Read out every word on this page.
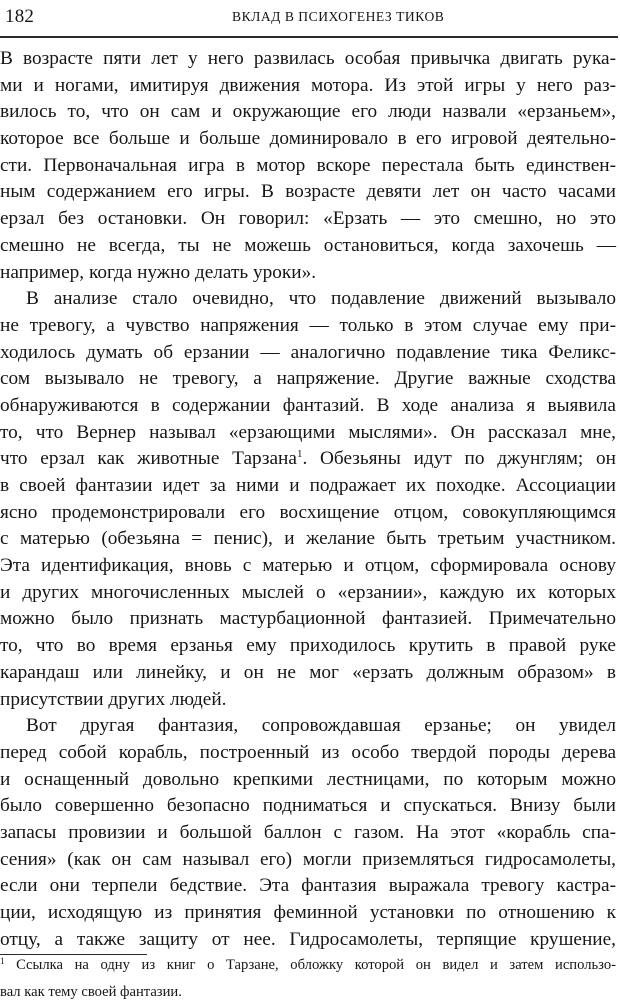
182	ВКЛАД В ПСИХОГЕНЕЗ ТИКОВ
В возрасте пяти лет у него развилась особая привычка двигать рука-
ми и ногами, имитируя движения мотора. Из этой игры у него раз-
вилось то, что он сам и окружающие его люди назвали «ерзаньем»,
которое все больше и больше доминировало в его игровой деятельно-
сти. Первоначальная игра в мотор вскоре перестала быть единствен-
ным содержанием его игры. В возрасте девяти лет он часто часами
ерзал без остановки. Он говорил: «Ерзать — это смешно, но это
смешно не всегда, ты не можешь остановиться, когда захочешь —
например, когда нужно делать уроки».
В анализе стало очевидно, что подавление движений вызывало
не тревогу, а чувство напряжения — только в этом случае ему при-
ходилось думать об ерзании — аналогично подавление тика Феликс-
сом вызывало не тревогу, а напряжение. Другие важные сходства
обнаруживаются в содержании фантазий. В ходе анализа я выявила
то, что Вернер называл «ерзающими мыслями». Он рассказал мне,
что ерзал как животные Тарзана$^1$. Обезьяны идут по джунглям; он
в своей фантазии идет за ними и подражает их походке. Ассоциации
ясно продемонстрировали его восхищение отцом, совокупляющимся
с матерью (обезьяна = пенис), и желание быть третьим участником.
Эта идентификация, вновь с матерью и отцом, сформировала основу
и других многочисленных мыслей о «ерзании», каждую их которых
можно было признать мастурбационной фантазией. Примечательно
то, что во время ерзанья ему приходилось крутить в правой руке
карандаш или линейку, и он не мог «ерзать должным образом» в
присутствии других людей.
Вот другая фантазия, сопровождавшая ерзанье; он увидел
перед собой корабль, построенный из особо твердой породы дерева
и оснащенный довольно крепкими лестницами, по которым можно
было совершенно безопасно подниматься и спускаться. Внизу были
запасы провизии и большой баллон с газом. На этот «корабль спа-
сения» (как он сам называл его) могли приземляться гидросамолеты,
если они терпели бедствие. Эта фантазия выражала тревогу кастра-
ции, исходящую из принятия феминной установки по отношению к
отцу, а также защиту от нее. Гидросамолеты, терпящие крушение,
$^1$ Ссылка на одну из книг о Тарзане, обложку которой он видел и затем использо-
вал как тему своей фантазии.
